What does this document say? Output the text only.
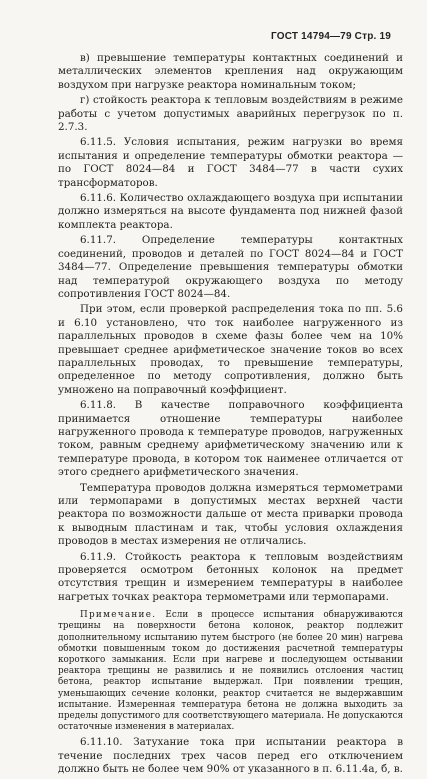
ГОСТ 14794—79 Стр. 19

в) превышение температуры контактных соединений и металлических элементов крепления над окружающим воздухом при нагрузке реактора номинальным током;

г) стойкость реактора к тепловым воздействиям в режиме работы с учетом допустимых аварийных перегрузок по п. 2.7.3.

6.11.5. Условия испытания, режим нагрузки во время испытания и определение температуры обмотки реактора — по ГОСТ 8024—84 и ГОСТ 3484—77 в части сухих трансформаторов.

6.11.6. Количество охлаждающего воздуха при испытании должно измеряться на высоте фундамента под нижней фазой комплекта реактора.

6.11.7. Определение температуры контактных соединений, проводов и деталей по ГОСТ 8024—84 и ГОСТ 3484—77. Определение превышения температуры обмотки над температурой окружающего воздуха по методу сопротивления ГОСТ 8024—84.

При этом, если проверкой распределения тока по пп. 5.6 и 6.10 установлено, что ток наиболее нагруженного из параллельных проводов в схеме фазы более чем на 10% превышает среднее арифметическое значение токов во всех параллельных проводах, то превышение температуры, определенное по методу сопротивления, должно быть умножено на поправочный коэффициент.

6.11.8. В качестве поправочного коэффициента принимается отношение температуры наиболее нагруженного провода к температуре проводов, нагруженных током, равным среднему арифметическому значению или к температуре провода, в котором ток наименее отличается от этого среднего арифметического значения.

Температура проводов должна измеряться термометрами или термопарами в допустимых местах верхней части реактора по возможности дальше от места приварки провода к выводным пластинам и так, чтобы условия охлаждения проводов в местах измерения не отличались.

6.11.9. Стойкость реактора к тепловым воздействиям проверяется осмотром бетонных колонок на предмет отсутствия трещин и измерением температуры в наиболее нагретых точках реактора термометрами или термопарами.

Примечание. Если в процессе испытания обнаруживаются трещины на поверхности бетона колонок, реактор подлежит дополнительному испытанию путем быстрого (не более 20 мин) нагрева обмотки повышенным током до достижения расчетной температуры короткого замыкания. Если при нагреве и последующем остывании реактора трещины не развились и не появились отслоения частиц бетона, реактор испытание выдержал. При появлении трещин, уменьшающих сечение колонки, реактор считается не выдержавшим испытание. Измеренная температура бетона не должна выходить за пределы допустимого для соответствующего материала. Не допускаются остаточные изменения в материалах.

6.11.10. Затухание тока при испытании реактора в течение последних трех часов перед его отключением должно быть не более чем 90% от указанного в п. 6.11.4а, б, в.
